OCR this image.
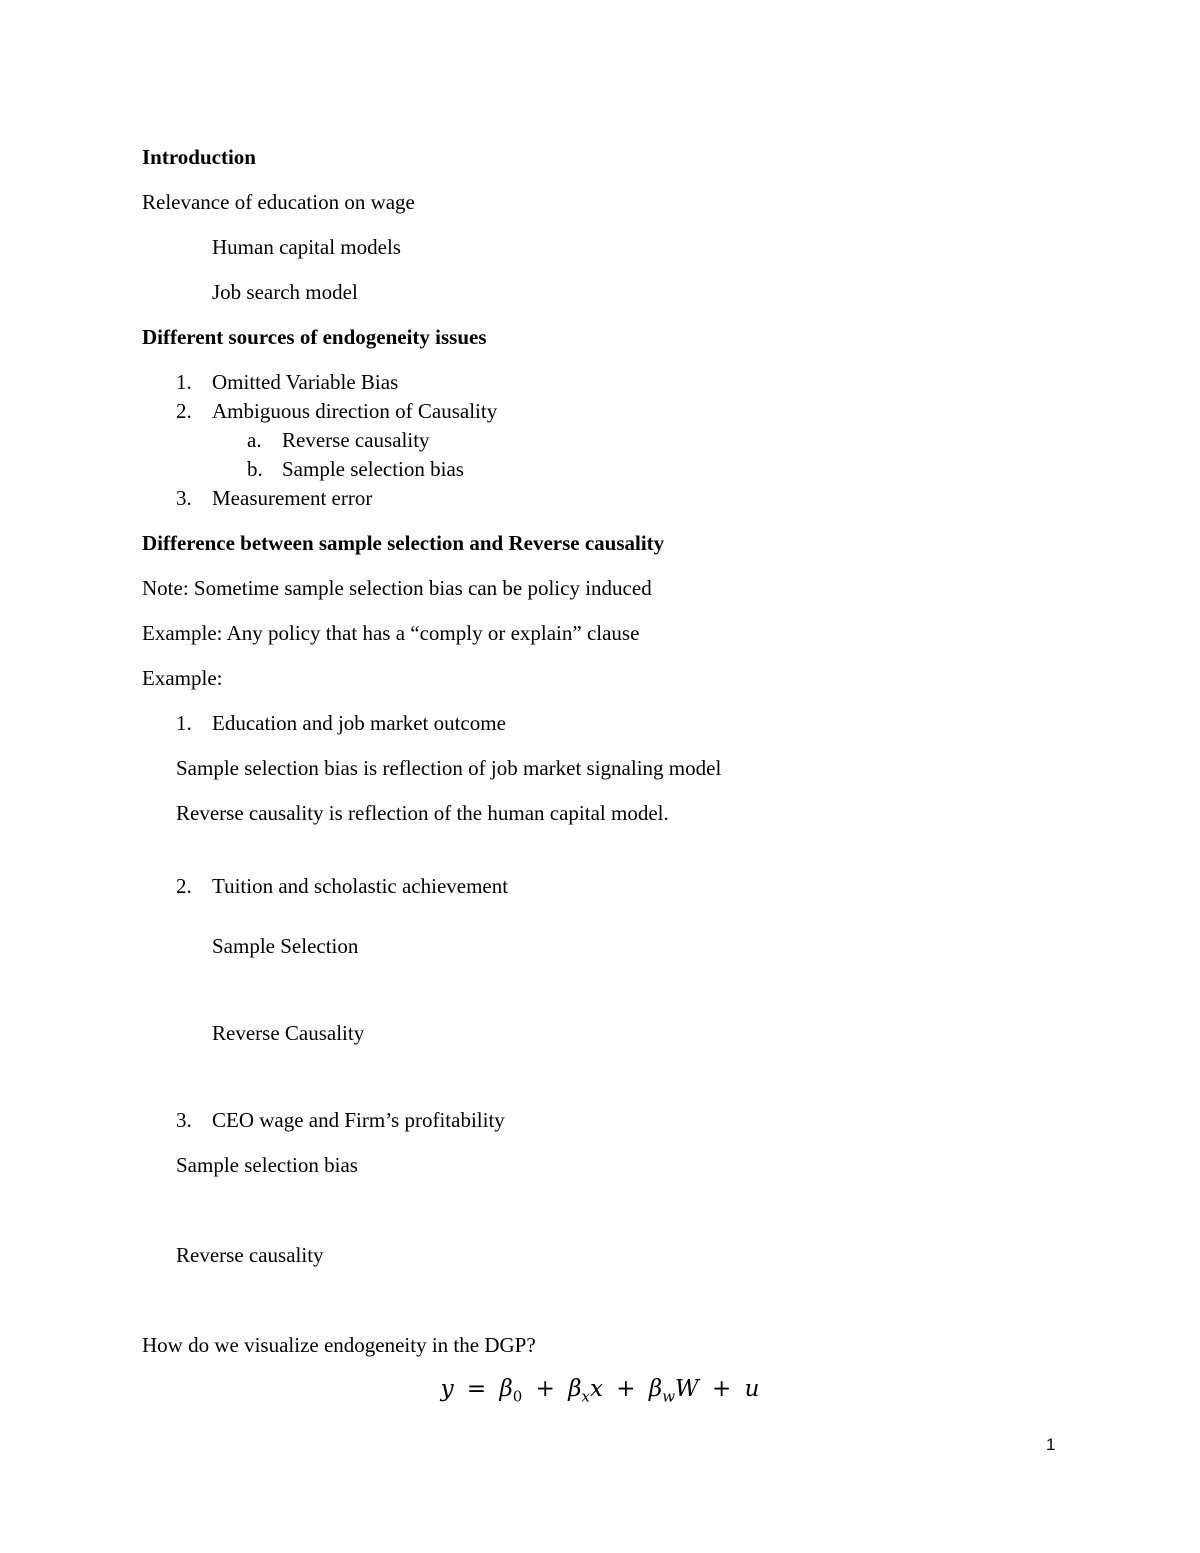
Introduction
Relevance of education on wage
Human capital models
Job search model
Different sources of endogeneity issues
1. Omitted Variable Bias
2. Ambiguous direction of Causality
a. Reverse causality
b. Sample selection bias
3. Measurement error
Difference between sample selection and Reverse causality
Note: Sometime sample selection bias can be policy induced
Example: Any policy that has a “comply or explain” clause
Example:
1. Education and job market outcome
Sample selection bias is reflection of job market signaling model
Reverse causality is reflection of the human capital model.
2. Tuition and scholastic achievement
Sample Selection
Reverse Causality
3. CEO wage and Firm’s profitability
Sample selection bias
Reverse causality
How do we visualize endogeneity in the DGP?
$y = \beta_0 + \beta_xx + \beta_wW + u$
1
